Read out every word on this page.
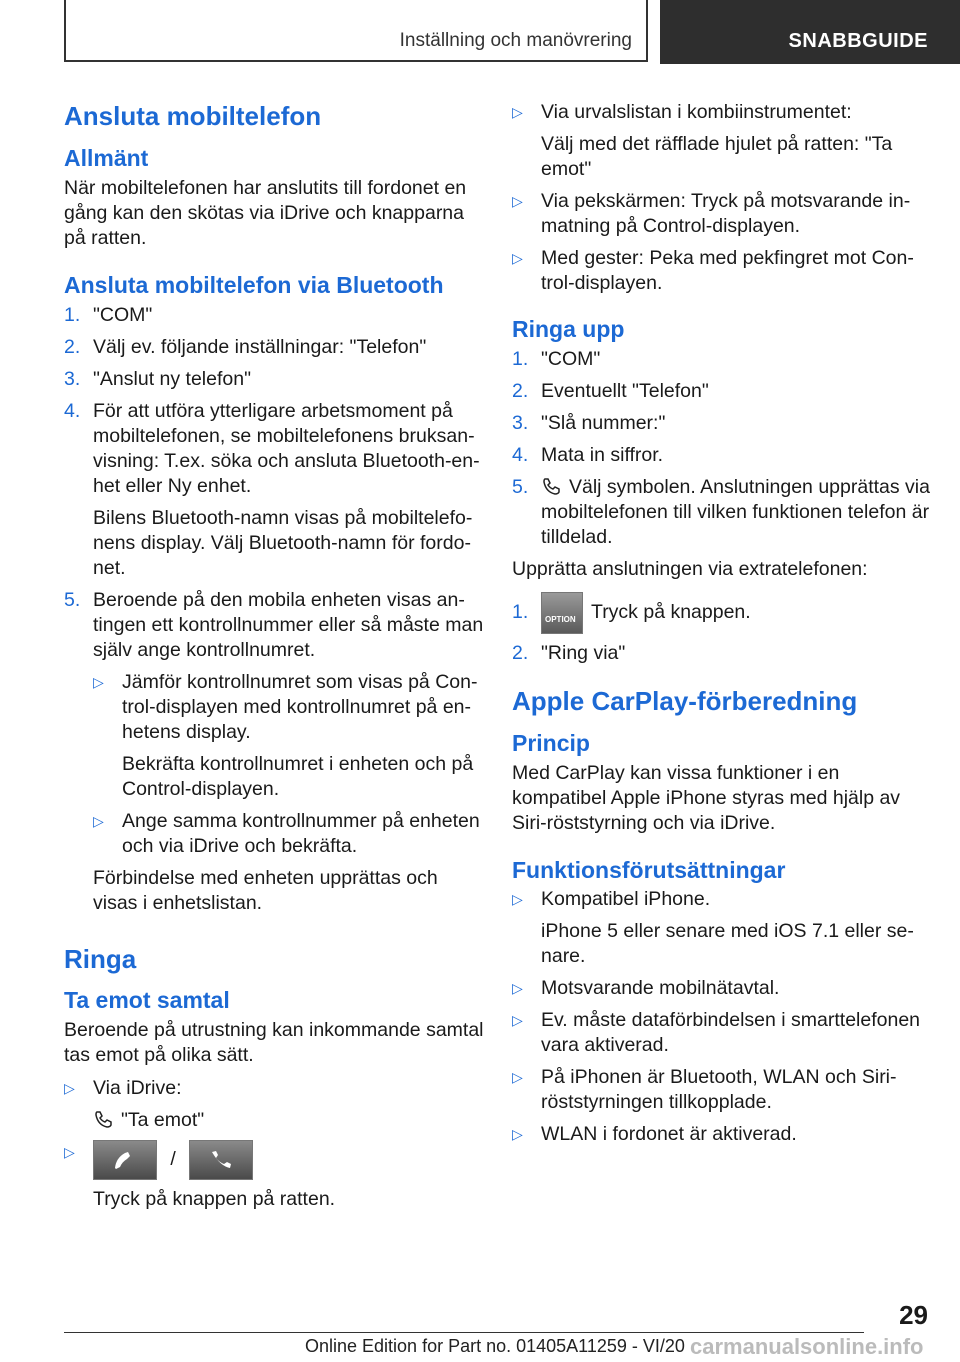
Inställning och manövrering	SNABBGUIDE
Ansluta mobiltelefon
Allmänt
När mobiltelefonen har anslutits till fordonet en gång kan den skötas via iDrive och knapparna på ratten.
Ansluta mobiltelefon via Bluetooth
1. "COM"
2. Välj ev. följande inställningar: "Telefon"
3. "Anslut ny telefon"
4. För att utföra ytterligare arbetsmoment på mobiltelefonen, se mobiltelefonens bruksanvisning: T.ex. söka och ansluta Bluetooth-enhet eller Ny enhet.
Bilens Bluetooth-namn visas på mobiltelefonens display. Välj Bluetooth-namn för fordonet.
5. Beroende på den mobila enheten visas antingen ett kontrollnummer eller så måste man själv ange kontrollnumret.
▷ Jämför kontrollnumret som visas på Control-displayen med kontrollnumret på enhetens display.
Bekräfta kontrollnumret i enheten och på Control-displayen.
▷ Ange samma kontrollnummer på enheten och via iDrive och bekräfta.
Förbindelse med enheten upprättas och visas i enhetslistan.
Ringa
Ta emot samtal
Beroende på utrustning kan inkommande samtal tas emot på olika sätt.
▷ Via iDrive:
"Ta emot"
▷	/
Tryck på knappen på ratten.
▷ Via urvalslistan i kombiinstrumentet:
Välj med det räfflade hjulet på ratten: "Ta emot"
▷ Via pekskärmen: Tryck på motsvarande inmatning på Control-displayen.
▷ Med gester: Peka med pekfingret mot Control-displayen.
Ringa upp
1. "COM"
2. Eventuellt "Telefon"
3. "Slå nummer:"
4. Mata in siffror.
5.	Välj symbolen. Anslutningen upprättas via mobiltelefonen till vilken funktionen telefon är tilldelad.
Upprätta anslutningen via extratelefonen:
1.	OPTION Tryck på knappen.
2. "Ring via"
Apple CarPlay-förberedning
Princip
Med CarPlay kan vissa funktioner i en kompatibel Apple iPhone styras med hjälp av Siri-röststyrning och via iDrive.
Funktionsförutsättningar
▷ Kompatibel iPhone.
iPhone 5 eller senare med iOS 7.1 eller senare.
▷ Motsvarande mobilnätavtal.
▷ Ev. måste dataförbindelsen i smarttelefonen vara aktiverad.
▷ På iPhonen är Bluetooth, WLAN och Siri-röststyrningen tillkopplade.
▷ WLAN i fordonet är aktiverad.
29
Online Edition for Part no. 01405A11259 - VI/20 carmanualsonline.info
